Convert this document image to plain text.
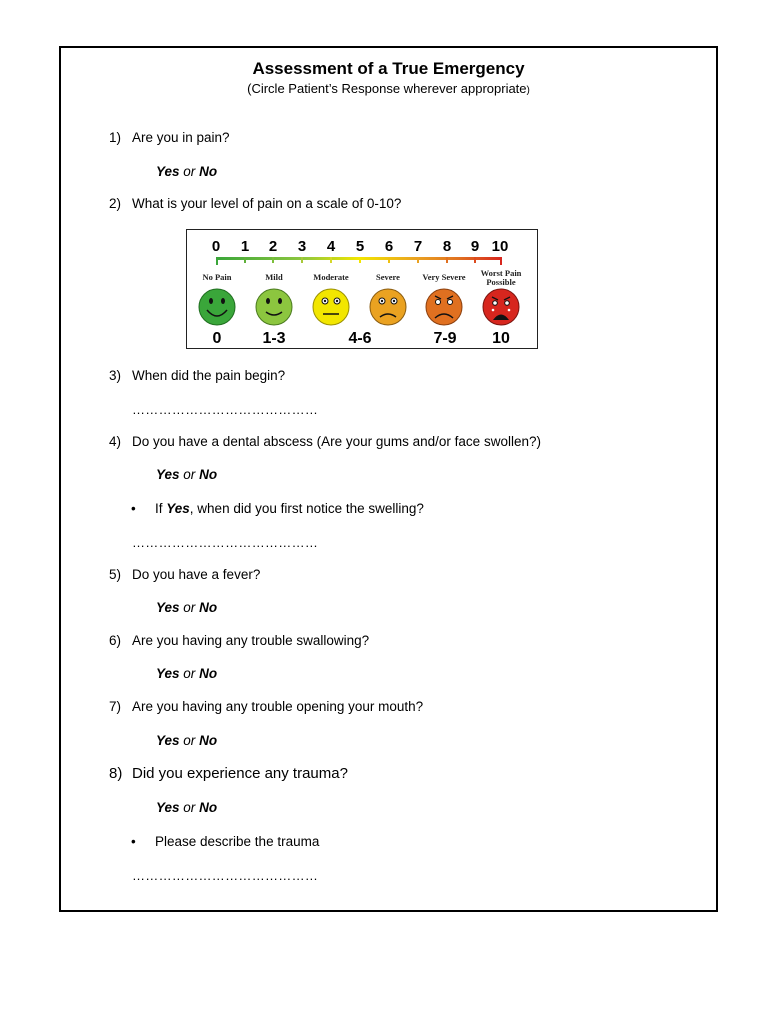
Assessment of a True Emergency
(Circle Patient’s Response wherever appropriate)
1) Are you in pain?
Yes or No
2) What is your level of pain on a scale of 0-10?
0 1 2 3 4 5 6 7 8 9 10
No Pain	Mild	Moderate	Severe	Very Severe Worst Pain
Possible
0	1-3	4-6	7-9 10
3) When did the pain begin?
……………………………………
4) Do you have a dental abscess (Are your gums and/or face swollen?)
Yes or No
• If Yes, when did you first notice the swelling?
……………………………………
5) Do you have a fever?
Yes or No
6) Are you having any trouble swallowing?
Yes or No
7) Are you having any trouble opening your mouth?
Yes or No
8) Did you experience any trauma?
Yes or No
• Please describe the trauma
……………………………………
